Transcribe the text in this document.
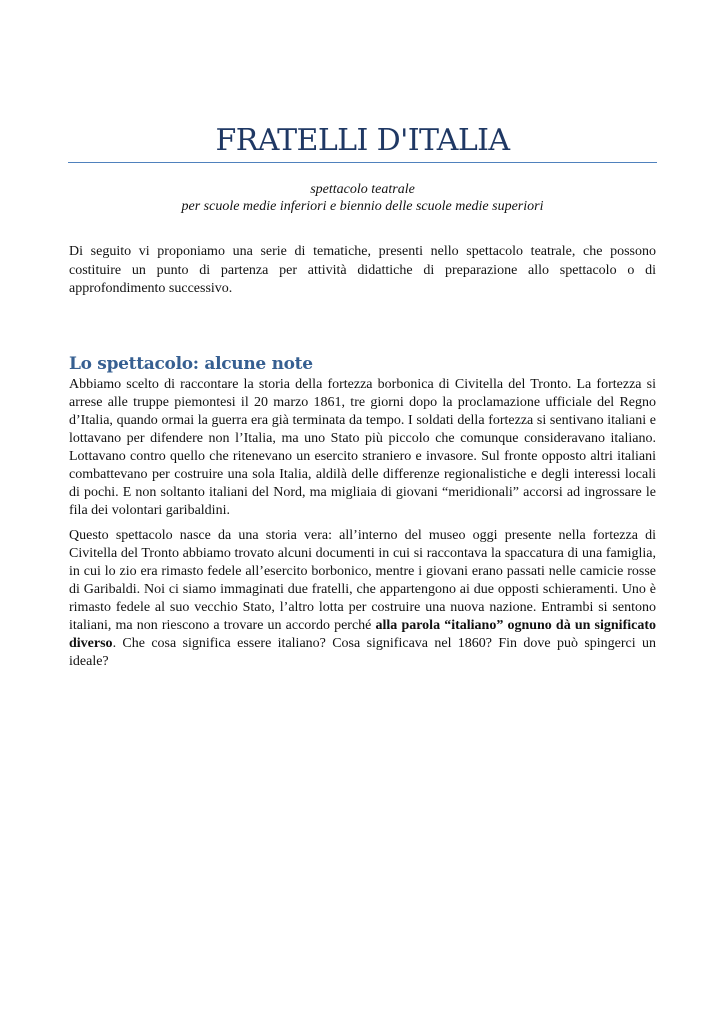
FRATELLI D'ITALIA
spettacolo teatrale
per scuole medie inferiori e biennio delle scuole medie superiori

Di seguito vi proponiamo una serie di tematiche, presenti nello spettacolo teatrale, che possono costituire un punto di partenza per attività didattiche di preparazione allo spettacolo o di approfondimento successivo.

Lo spettacolo: alcune note

Abbiamo scelto di raccontare la storia della fortezza borbonica di Civitella del Tronto. La fortezza si arrese alle truppe piemontesi il 20 marzo 1861, tre giorni dopo la proclamazione ufficiale del Regno d’Italia, quando ormai la guerra era già terminata da tempo. I soldati della fortezza si sentivano italiani e lottavano per difendere non l’Italia, ma uno Stato più piccolo che comunque consideravano italiano. Lottavano contro quello che ritenevano un esercito straniero e invasore. Sul fronte opposto altri italiani combattevano per costruire una sola Italia, aldilà delle differenze regionalistiche e degli interessi locali di pochi. E non soltanto italiani del Nord, ma migliaia di giovani “meridionali” accorsi ad ingrossare le fila dei volontari garibaldini.

Questo spettacolo nasce da una storia vera: all’interno del museo oggi presente nella fortezza di Civitella del Tronto abbiamo trovato alcuni documenti in cui si raccontava la spaccatura di una famiglia, in cui lo zio era rimasto fedele all’esercito borbonico, mentre i giovani erano passati nelle camicie rosse di Garibaldi. Noi ci siamo immaginati due fratelli, che appartengono ai due opposti schieramenti. Uno è rimasto fedele al suo vecchio Stato, l’altro lotta per costruire una nuova nazione. Entrambi si sentono italiani, ma non riescono a trovare un accordo perché alla parola “italiano” ognuno dà un significato diverso. Che cosa significa essere italiano? Cosa significava nel 1860? Fin dove può spingerci un ideale?
